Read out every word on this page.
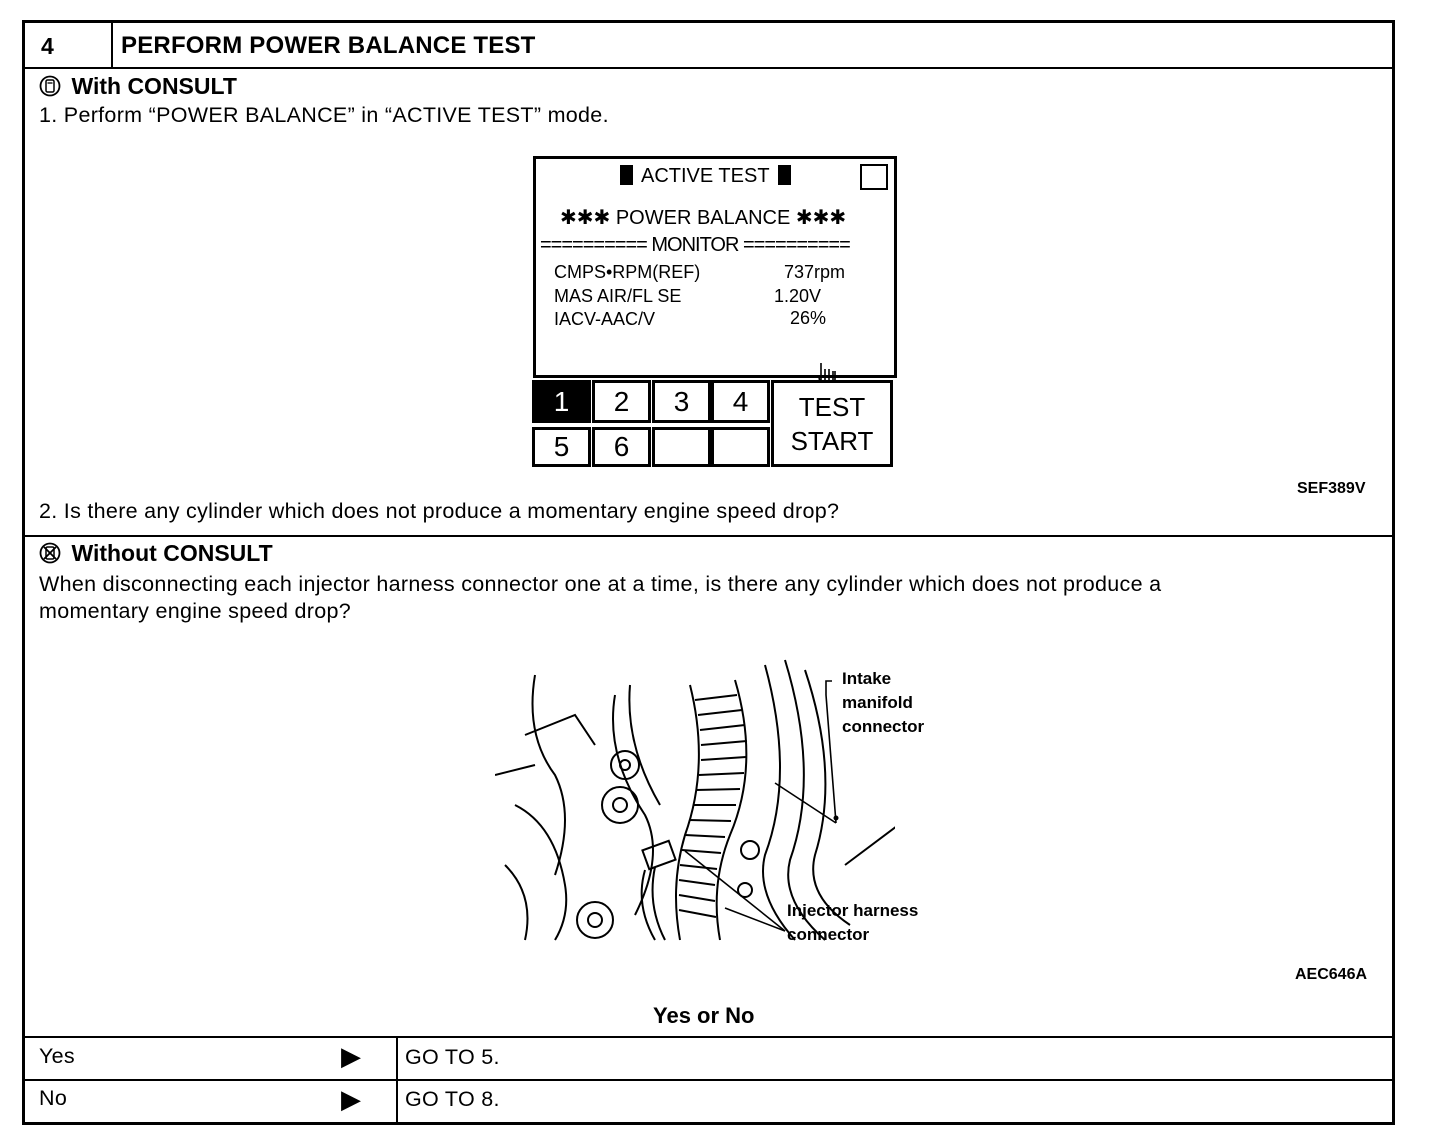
4	PERFORM POWER BALANCE TEST
With CONSULT
1. Perform “POWER BALANCE” in “ACTIVE TEST” mode.
ACTIVE TEST
✱✱✱ POWER BALANCE ✱✱✱
========== MONITOR ==========
CMPS•RPM(REF)	737rpm
MAS AIR/FL SE	1.20V
IACV-AAC/V	26%
1	2	3	4
5	6
TEST
START
SEF389V
2. Is there any cylinder which does not produce a momentary engine speed drop?
Without CONSULT
When disconnecting each injector harness connector one at a time, is there any cylinder which does not produce a
momentary engine speed drop?
Intake
manifold
connector
Injector harness
connector
AEC646A
Yes or No
Yes	▶ GO TO 5.
No	▶ GO TO 8.
